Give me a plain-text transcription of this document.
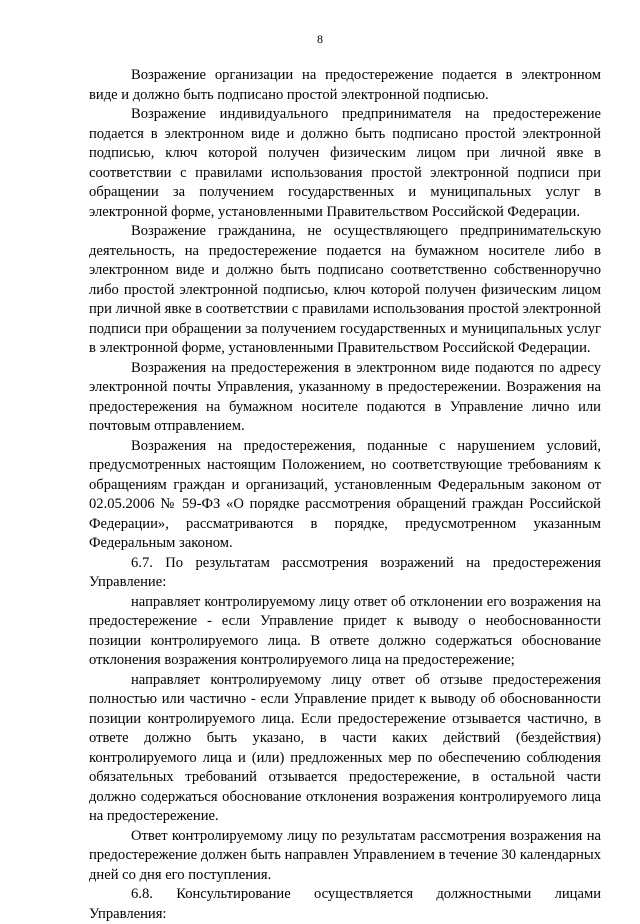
8

Возражение организации на предостережение подается в электронном виде и должно быть подписано простой электронной подписью.

Возражение индивидуального предпринимателя на предостережение подается в электронном виде и должно быть подписано простой электронной подписью, ключ которой получен физическим лицом при личной явке в соответствии с правилами использования простой электронной подписи при обращении за получением государственных и муниципальных услуг в электронной форме, установленными Правительством Российской Федерации.

Возражение гражданина, не осуществляющего предпринимательскую деятельность, на предостережение подается на бумажном носителе либо в электронном виде и должно быть подписано соответственно собственноручно либо простой электронной подписью, ключ которой получен физическим лицом при личной явке в соответствии с правилами использования простой электронной подписи при обращении за получением государственных и муниципальных услуг в электронной форме, установленными Правительством Российской Федерации.

Возражения на предостережения в электронном виде подаются по адресу электронной почты Управления, указанному в предостережении. Возражения на предостережения на бумажном носителе подаются в Управление лично или почтовым отправлением.

Возражения на предостережения, поданные с нарушением условий, предусмотренных настоящим Положением, но соответствующие требованиям к обращениям граждан и организаций, установленным Федеральным законом от 02.05.2006 № 59-ФЗ «О порядке рассмотрения обращений граждан Российской Федерации», рассматриваются в порядке, предусмотренном указанным Федеральным законом.

6.7. По результатам рассмотрения возражений на предостережения Управление:

направляет контролируемому лицу ответ об отклонении его возражения на предостережение - если Управление придет к выводу о необоснованности позиции контролируемого лица. В ответе должно содержаться обоснование отклонения возражения контролируемого лица на предостережение;

направляет контролируемому лицу ответ об отзыве предостережения полностью или частично - если Управление придет к выводу об обоснованности позиции контролируемого лица. Если предостережение отзывается частично, в ответе должно быть указано, в части каких действий (бездействия) контролируемого лица и (или) предложенных мер по обеспечению соблюдения обязательных требований отзывается предостережение, в остальной части должно содержаться обоснование отклонения возражения контролируемого лица на предостережение.

Ответ контролируемому лицу по результатам рассмотрения возражения на предостережение должен быть направлен Управлением в течение 30 календарных дней со дня его поступления.

6.8. Консультирование осуществляется должностными лицами Управления:
